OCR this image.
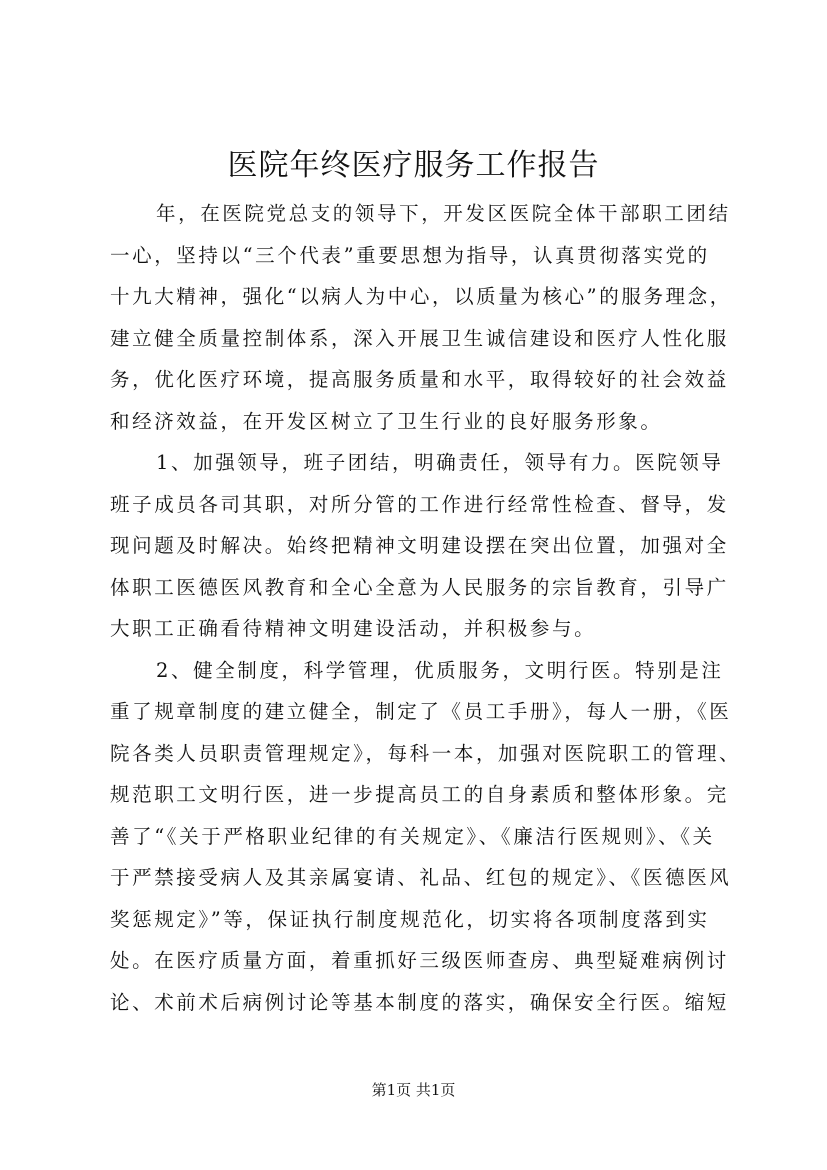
医院年终医疗服务工作报告
年，在医院党总支的领导下，开发区医院全体干部职工团结
一心，坚持以“三个代表”重要思想为指导，认真贯彻落实党的
十九大精神，强化“以病人为中心，以质量为核心”的服务理念，
建立健全质量控制体系，深入开展卫生诚信建设和医疗人性化服
务，优化医疗环境，提高服务质量和水平，取得较好的社会效益
和经济效益，在开发区树立了卫生行业的良好服务形象。
1、加强领导，班子团结，明确责任，领导有力。医院领导
班子成员各司其职，对所分管的工作进行经常性检查、督导，发
现问题及时解决。始终把精神文明建设摆在突出位置，加强对全
体职工医德医风教育和全心全意为人民服务的宗旨教育，引导广
大职工正确看待精神文明建设活动，并积极参与。
2、健全制度，科学管理，优质服务，文明行医。特别是注
重了规章制度的建立健全，制定了《员工手册》，每人一册，《医
院各类人员职责管理规定》，每科一本，加强对医院职工的管理、
规范职工文明行医，进一步提高员工的自身素质和整体形象。完
善了“《关于严格职业纪律的有关规定》、《廉洁行医规则》、《关
于严禁接受病人及其亲属宴请、礼品、红包的规定》、《医德医风
奖惩规定》”等，保证执行制度规范化，切实将各项制度落到实
处。在医疗质量方面，着重抓好三级医师查房、典型疑难病例讨
论、术前术后病例讨论等基本制度的落实，确保安全行医。缩短
第1页 共1页
